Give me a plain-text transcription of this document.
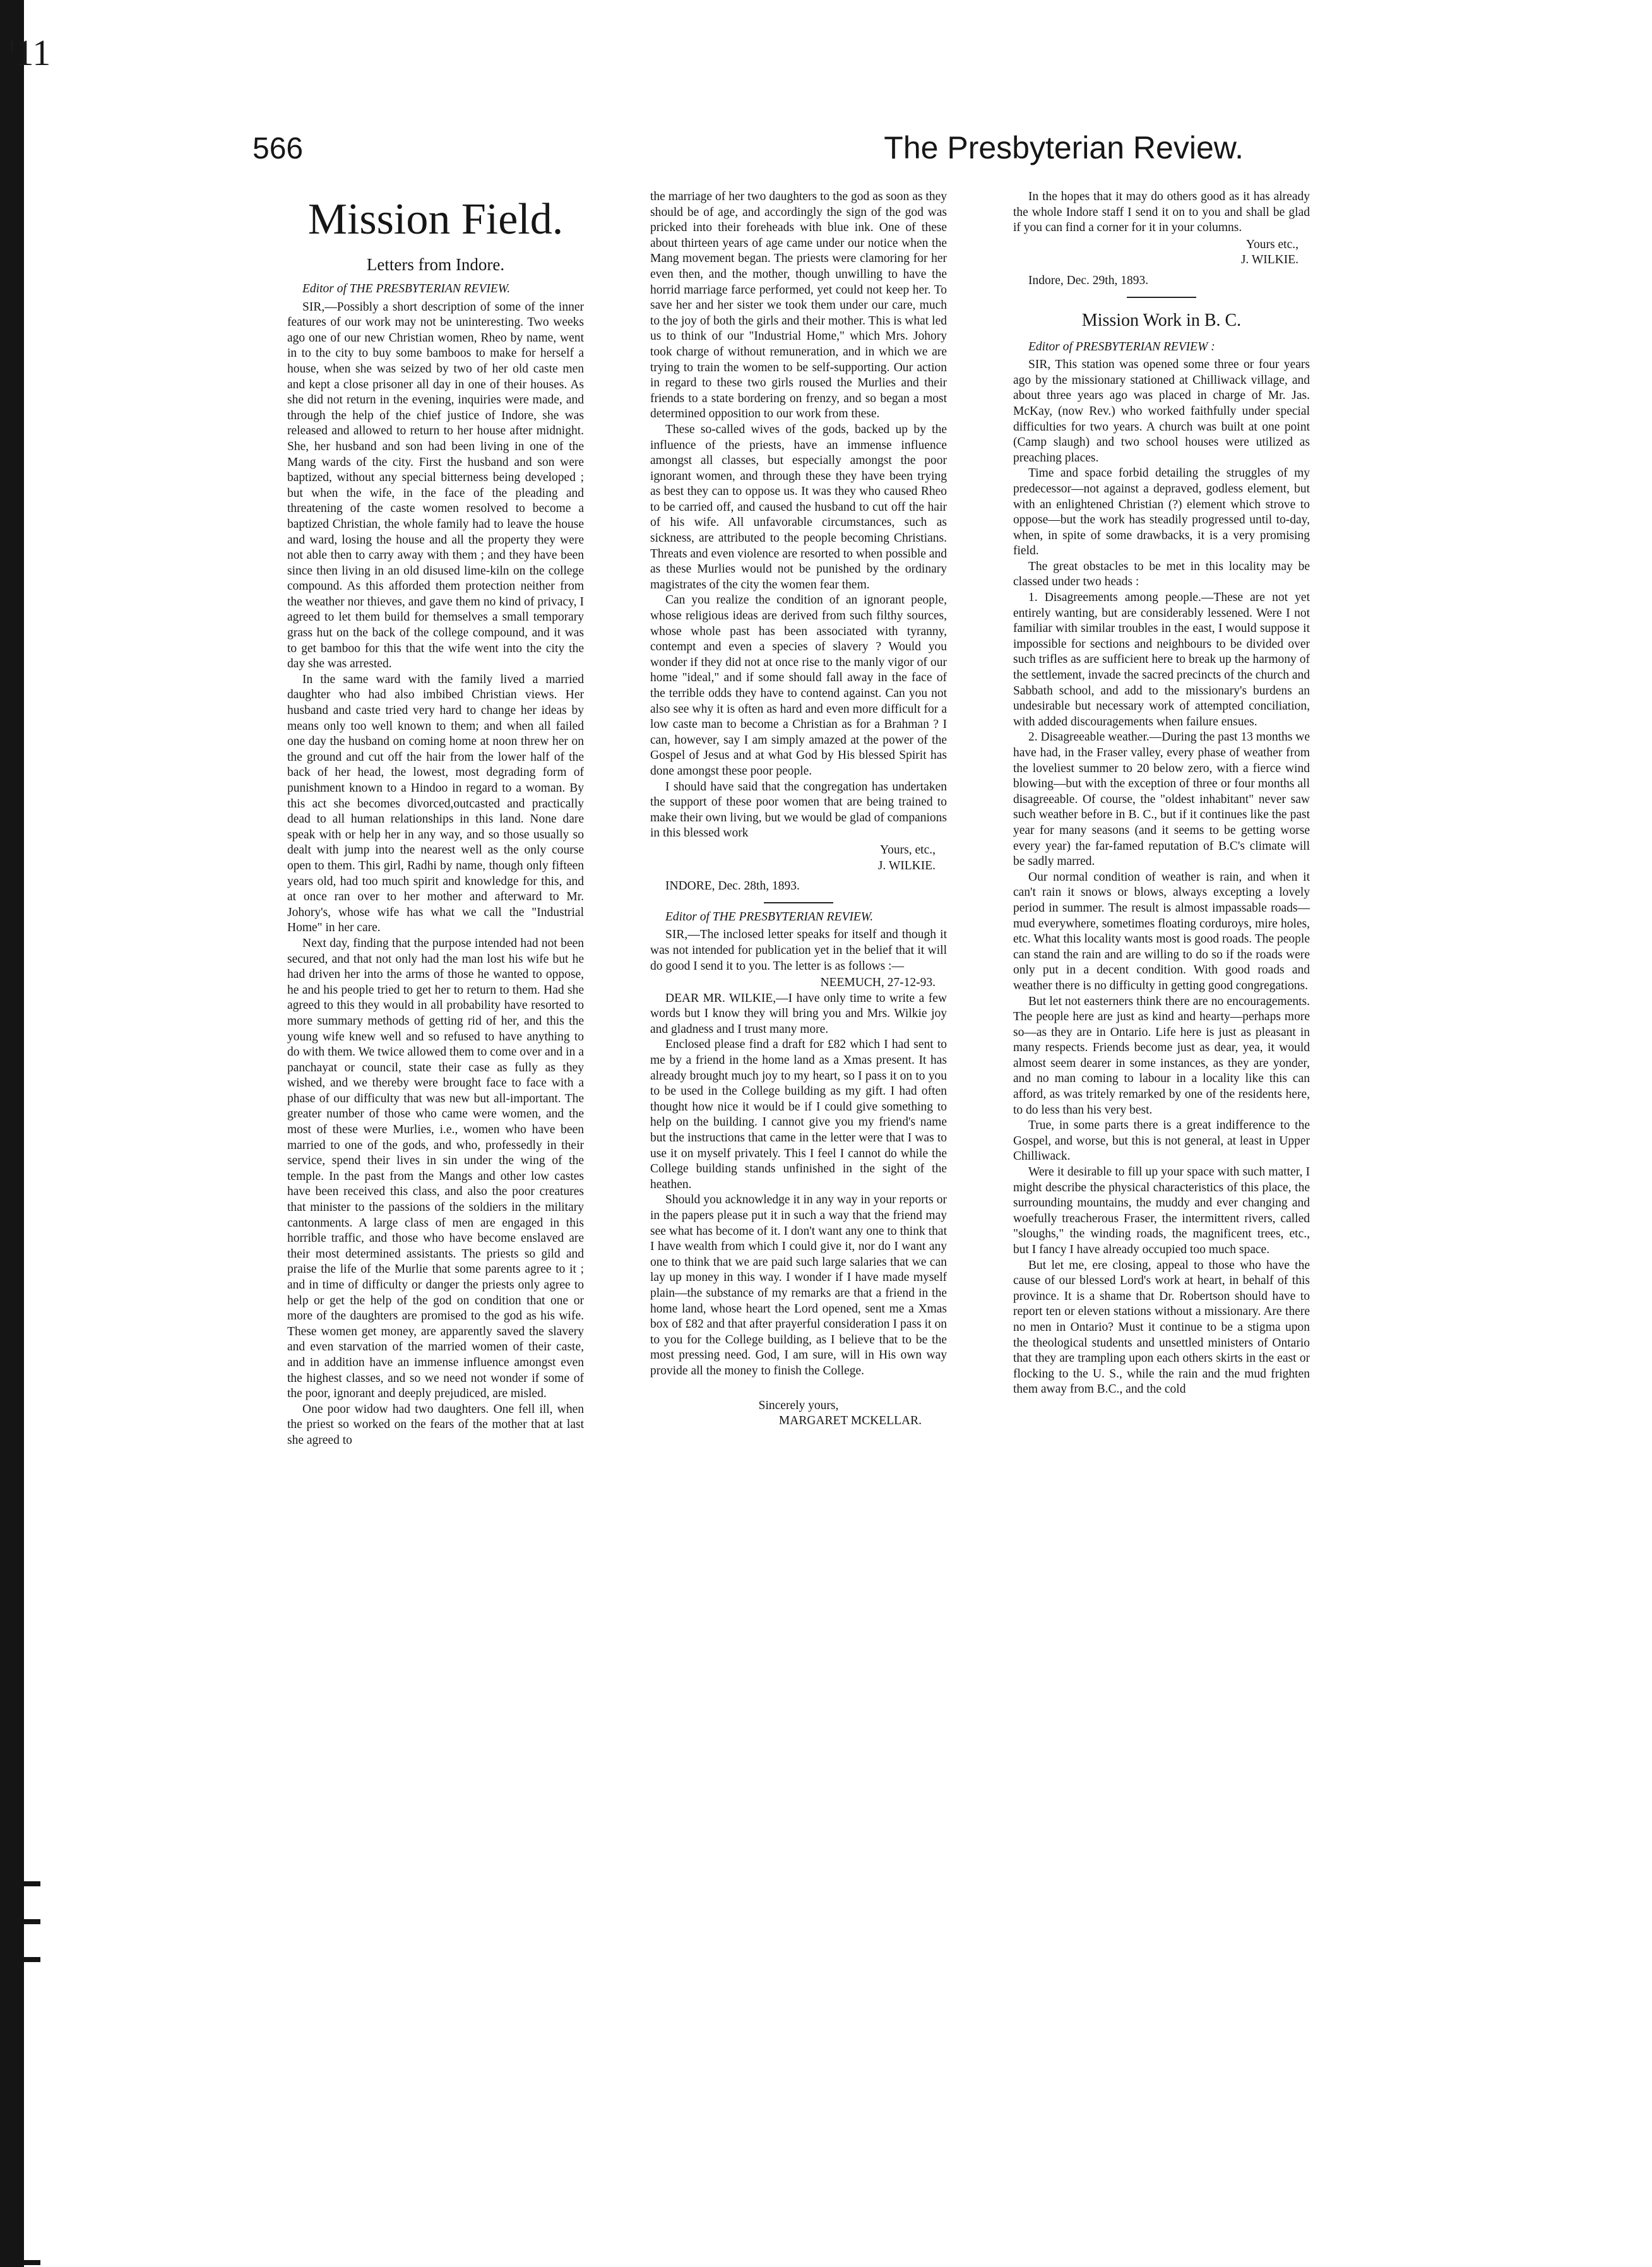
ꞌ11
566	The Presbyterian Review.
Mission Field.
Letters from Indore.
Editor of THE PRESBYTERIAN REVIEW.

SIR,—Possibly a short description of some of the inner features of our work may not be uninteresting. Two weeks ago one of our new Christian women, Rheo by name, went in to the city to buy some bamboos to make for herself a house, when she was seized by two of her old caste men and kept a close prisoner all day in one of their houses. As she did not return in the evening, inquiries were made, and through the help of the chief justice of Indore, she was released and allowed to return to her house after midnight. She, her husband and son had been living in one of the Mang wards of the city. First the husband and son were baptized, without any special bitterness being developed ; but when the wife, in the face of the pleading and threatening of the caste women resolved to become a baptized Christian, the whole family had to leave the house and ward, losing the house and all the property they were not able then to carry away with them ; and they have been since then living in an old disused lime-kiln on the college compound. As this afforded them protection neither from the weather nor thieves, and gave them no kind of privacy, I agreed to let them build for themselves a small temporary grass hut on the back of the college compound, and it was to get bamboo for this that the wife went into the city the day she was arrested.

In the same ward with the family lived a married daughter who had also imbibed Christian views. Her husband and caste tried very hard to change her ideas by means only too well known to them; and when all failed one day the husband on coming home at noon threw her on the ground and cut off the hair from the lower half of the back of her head, the lowest, most degrading form of punishment known to a Hindoo in regard to a woman. By this act she becomes divorced,outcasted and practically dead to all human relationships in this land. None dare speak with or help her in any way, and so those usually so dealt with jump into the nearest well as the only course open to them. This girl, Radhi by name, though only fifteen years old, had too much spirit and knowledge for this, and at once ran over to her mother and afterward to Mr. Johory's, whose wife has what we call the "Industrial Home" in her care.

Next day, finding that the purpose intended had not been secured, and that not only had the man lost his wife but he had driven her into the arms of those he wanted to oppose, he and his people tried to get her to return to them. Had she agreed to this they would in all probability have resorted to more summary methods of getting rid of her, and this the young wife knew well and so refused to have anything to do with them. We twice allowed them to come over and in a panchayat or council, state their case as fully as they wished, and we thereby were brought face to face with a phase of our difficulty that was new but all-important. The greater number of those who came were women, and the most of these were Murlies, i.e., women who have been married to one of the gods, and who, professedly in their service, spend their lives in sin under the wing of the temple. In the past from the Mangs and other low castes have been received this class, and also the poor creatures that minister to the passions of the soldiers in the military cantonments. A large class of men are engaged in this horrible traffic, and those who have become enslaved are their most determined assistants. The priests so gild and praise the life of the Murlie that some parents agree to it ; and in time of difficulty or danger the priests only agree to help or get the help of the god on condition that one or more of the daughters are promised to the god as his wife. These women get money, are apparently saved the slavery and even starvation of the married women of their caste, and in addition have an immense influence amongst even the highest classes, and so we need not wonder if some of the poor, ignorant and deeply prejudiced, are misled.

One poor widow had two daughters. One fell ill, when the priest so worked on the fears of the mother that at last she agreed to

the marriage of her two daughters to the god as soon as they should be of age, and accordingly the sign of the god was pricked into their foreheads with blue ink. One of these about thirteen years of age came under our notice when the Mang movement began. The priests were clamoring for her even then, and the mother, though unwilling to have the horrid marriage farce performed, yet could not keep her. To save her and her sister we took them under our care, much to the joy of both the girls and their mother. This is what led us to think of our "Industrial Home," which Mrs. Johory took charge of without remuneration, and in which we are trying to train the women to be self-supporting. Our action in regard to these two girls roused the Murlies and their friends to a state bordering on frenzy, and so began a most determined opposition to our work from these.

These so-called wives of the gods, backed up by the influence of the priests, have an immense influence amongst all classes, but especially amongst the poor ignorant women, and through these they have been trying as best they can to oppose us. It was they who caused Rheo to be carried off, and caused the husband to cut off the hair of his wife. All unfavorable circumstances, such as sickness, are attributed to the people becoming Christians. Threats and even violence are resorted to when possible and as these Murlies would not be punished by the ordinary magistrates of the city the women fear them.

Can you realize the condition of an ignorant people, whose religious ideas are derived from such filthy sources, whose whole past has been associated with tyranny, contempt and even a species of slavery ? Would you wonder if they did not at once rise to the manly vigor of our home "ideal," and if some should fall away in the face of the terrible odds they have to contend against. Can you not also see why it is often as hard and even more difficult for a low caste man to become a Christian as for a Brahman ? I can, however, say I am simply amazed at the power of the Gospel of Jesus and at what God by His blessed Spirit has done amongst these poor people.

I should have said that the congregation has undertaken the support of these poor women that are being trained to make their own living, but we would be glad of companions in this blessed work

Yours, etc.,
J. WILKIE.
INDORE, Dec. 28th, 1893.
Editor of THE PRESBYTERIAN REVIEW.

SIR,—The inclosed letter speaks for itself and though it was not intended for publication yet in the belief that it will do good I send it to you. The letter is as follows :—

NEEMUCH, 27-12-93.

DEAR MR. WILKIE,—I have only time to write a few words but I know they will bring you and Mrs. Wilkie joy and gladness and I trust many more.

Enclosed please find a draft for £82 which I had sent to me by a friend in the home land as a Xmas present. It has already brought much joy to my heart, so I pass it on to you to be used in the College building as my gift. I had often thought how nice it would be if I could give something to help on the building. I cannot give you my friend's name but the instructions that came in the letter were that I was to use it on myself privately. This I feel I cannot do while the College building stands unfinished in the sight of the heathen.

Should you acknowledge it in any way in your reports or in the papers please put it in such a way that the friend may see what has become of it. I don't want any one to think that I have wealth from which I could give it, nor do I want any one to think that we are paid such large salaries that we can lay up money in this way. I wonder if I have made myself plain—the substance of my remarks are that a friend in the home land, whose heart the Lord opened, sent me a Xmas box of £82 and that after prayerful consideration I pass it on to you for the College building, as I believe that to be the most pressing need. God, I am sure, will in His own way provide all the money to finish the College.

Sincerely yours,
MARGARET MCKELLAR.

In the hopes that it may do others good as it has already the whole Indore staff I send it on to you and shall be glad if you can find a corner for it in your columns.

Yours etc.,
J. WILKIE.
Indore, Dec. 29th, 1893.
Mission Work in B. C.
Editor of PRESBYTERIAN REVIEW :

SIR, This station was opened some three or four years ago by the missionary stationed at Chilliwack village, and about three years ago was placed in charge of Mr. Jas. McKay, (now Rev.) who worked faithfully under special difficulties for two years. A church was built at one point (Camp slaugh) and two school houses were utilized as preaching places.

Time and space forbid detailing the struggles of my predecessor—not against a depraved, godless element, but with an enlightened Christian (?) element which strove to oppose—but the work has steadily progressed until to-day, when, in spite of some drawbacks, it is a very promising field.

The great obstacles to be met in this locality may be classed under two heads :

1. Disagreements among people.—These are not yet entirely wanting, but are considerably lessened. Were I not familiar with similar troubles in the east, I would suppose it impossible for sections and neighbours to be divided over such trifles as are sufficient here to break up the harmony of the settlement, invade the sacred precincts of the church and Sabbath school, and add to the missionary's burdens an undesirable but necessary work of attempted conciliation, with added discouragements when failure ensues.

2. Disagreeable weather.—During the past 13 months we have had, in the Fraser valley, every phase of weather from the loveliest summer to 20 below zero, with a fierce wind blowing—but with the exception of three or four months all disagreeable. Of course, the "oldest inhabitant" never saw such weather before in B. C., but if it continues like the past year for many seasons (and it seems to be getting worse every year) the far-famed reputation of B.C's climate will be sadly marred.

Our normal condition of weather is rain, and when it can't rain it snows or blows, always excepting a lovely period in summer. The result is almost impassable roads—mud everywhere, sometimes floating corduroys, mire holes, etc. What this locality wants most is good roads. The people can stand the rain and are willing to do so if the roads were only put in a decent condition. With good roads and weather there is no difficulty in getting good congregations.

But let not easterners think there are no encouragements. The people here are just as kind and hearty—perhaps more so—as they are in Ontario. Life here is just as pleasant in many respects. Friends become just as dear, yea, it would almost seem dearer in some instances, as they are yonder, and no man coming to labour in a locality like this can afford, as was tritely remarked by one of the residents here, to do less than his very best.

True, in some parts there is a great indifference to the Gospel, and worse, but this is not general, at least in Upper Chilliwack.

Were it desirable to fill up your space with such matter, I might describe the physical characteristics of this place, the surrounding mountains, the muddy and ever changing and woefully treacherous Fraser, the intermittent rivers, called "sloughs," the winding roads, the magnificent trees, etc., but I fancy I have already occupied too much space.

But let me, ere closing, appeal to those who have the cause of our blessed Lord's work at heart, in behalf of this province. It is a shame that Dr. Robertson should have to report ten or eleven stations without a missionary. Are there no men in Ontario? Must it continue to be a stigma upon the theological students and unsettled ministers of Ontario that they are trampling upon each others skirts in the east or flocking to the U. S., while the rain and the mud frighten them away from B.C., and the cold
